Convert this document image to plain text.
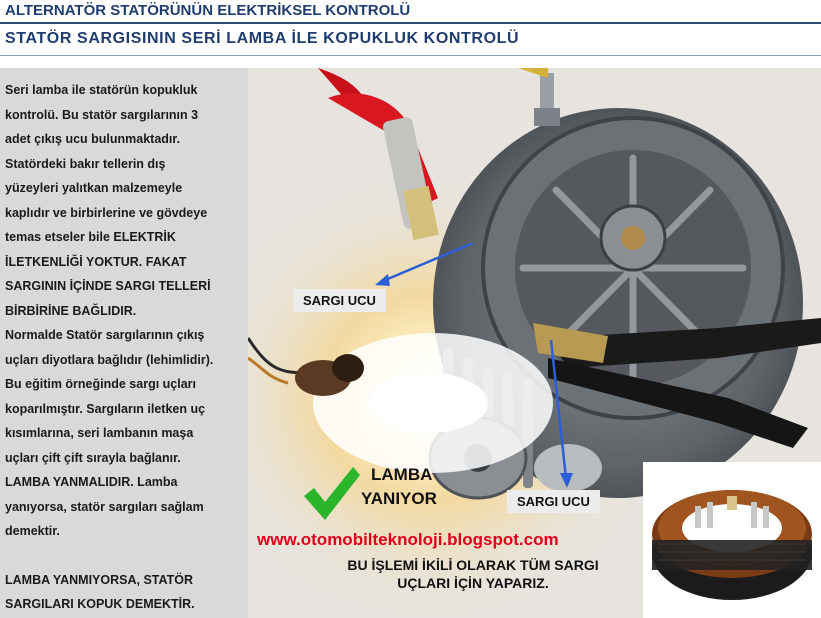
ALTERNATÖR STATÖRÜNÜN ELEKTRİKSEL KONTROLÜ
STATÖR SARGISININ SERİ LAMBA İLE KOPUKLUK KONTROLÜ

Seri lamba ile statörün kopukluk

kontrolü. Bu statör sargılarının 3

adet çıkış ucu bulunmaktadır.

Statördeki bakır tellerin dış

yüzeyleri yalıtkan malzemeyle

kaplıdır ve birbirlerine ve gövdeye

temas etseler bile ELEKTRİK

İLETKENLİĞİ YOKTUR. FAKAT

SARGININ İÇİNDE SARGI TELLERİ

BİRBİRİNE BAĞLIDIR.

Normalde Statör sargılarının çıkış

uçları diyotlara bağlıdır (lehimlidir).

Bu eğitim örneğinde sargı uçları

koparılmıştır. Sargıların iletken uç

kısımlarına, seri lambanın maşa

uçları çift çift sırayla bağlanır.

LAMBA YANMALIDIR. Lamba

yanıyorsa, statör sargıları sağlam

demektir.

LAMBA YANMIYORSA, STATÖR

SARGILARI KOPUK DEMEKTİR.

SARGI UCU
SARGI UCU
LAMBA
YANIYOR
www.otomobilteknoloji.blogspot.com
BU İŞLEMİ İKİLİ OLARAK TÜM SARGI
UÇLARI İÇİN YAPARIZ.
